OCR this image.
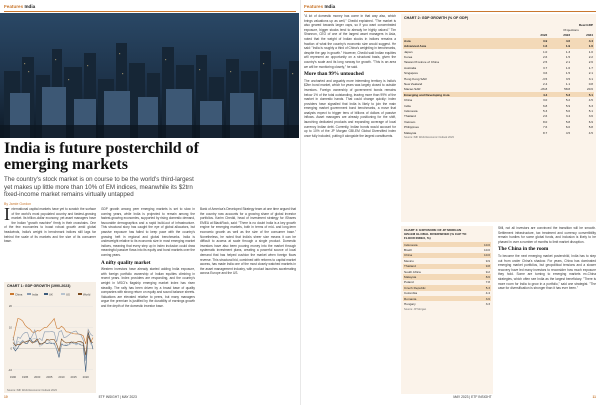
Features India	Features India
India is future posterchild of
emerging markets
The country's stock market is on course to be the world's third-largest
yet makes up little more than 10% of EM indices, meanwhile its $2trn
fixed-income market remains virtually untapped
By Jamie Gordon
International capital markets have yet to scratch the surface of the world's most populated country and fastest-growing market. Its trillion-dollar economy, yet asset managers have the Indian "growth machine" firmly in their crosshairs. One of the few economies to boast robust growth amid global headwinds, India's weight in benchmark indices still lags far behind the scale of its markets and the size of its consumer base.
CHART 1: GDP GROWTH (1990-2023)
China	India	UK	US	World
-10
0
10
20
1990 1995 2000 2005 2010 2015 2020
Source: IMF World Economic Outlook 2023
GDP growth among peer emerging markets is set to slow in coming years, while India is projected to remain among the fastest-growing economies, supported by rising domestic demand, favourable demographics and a rapid build-out of infrastructure. This structural story has caught the eye of global allocators, but passive exposure has failed to keep pace with the country's growing heft in regional and global benchmarks. India is underweight relative to its economic size in most emerging market indices, meaning that every step up in index inclusion could draw meaningful passive flows into its equity and bond markets over the coming years.
A nifty quality market
Western investors have already started adding India exposure, with foreign portfolio ownership of Indian equities climbing in recent years. Index providers are responding, and the country's weight in MSCI's flagship emerging market index has risen steadily. The rally has been driven by a broad base of quality companies with strong return on equity and sound balance sheets. Valuations are elevated relative to peers, but many managers argue the premium is justified by the durability of earnings growth and the depth of the domestic investor base.
Bank of America's Developed Strategy team at one time argued that the country now accounts for a growing share of global investor portfolios. Karim Chedid, head of investment strategy for iShares EMEA at BlackRock, said: "There is no doubt India is a key growth engine for emerging markets, both in terms of mid- and long-term economic growth as well as the size of the consumer base." Nonetheless, he noted that India's sheer size means it can be difficult to access at scale through a single product. Domestic investors have also been pouring money into the market through systematic investment plans, creating a powerful source of local demand that has helped cushion the market when foreign flows reverse. This structural bid, combined with reforms to capital market access, has made India one of the most closely watched markets in the asset management industry, with product launches accelerating across Europe and the US.
"A lot of domestic money has come in that way also, which brings valuations up as well," Chedid explained. "The market is also geared towards larger caps, so if you want concentrated exposure, bigger stocks tend to already be highly valued." Tim Shannon, CEO of one of the largest asset managers in Asia, noted that the weight of Indian stocks in indices remains a fraction of what the country's economic size would suggest. He said: "India is roughly a third of China's weighting in benchmarks, despite the gap in growth." However, Chedid said Indian equities will represent an opportunity on a structural basis, given the country's scale and its long runway for growth. "This is an area we will be monitoring closely," he said.
More than 99% untouched
The uncharted and arguably more interesting territory is India's $2trn bond market, which for years was largely closed to outside investors. Foreign ownership of government bonds remains below 1% of the total outstanding, leaving more than 99% of the market in domestic hands. That could change quickly: index providers have signalled that India is likely to join the main emerging market government bond benchmarks, a move that analysts expect to trigger tens of billions of dollars of passive inflows. Asset managers are already positioning for the shift, launching dedicated products and expanding coverage of local currency Indian debt. Currently, Indian bonds would account for up to 10% of the JP Morgan GBI-EM Global Diversified index once fully included, putting it alongside the largest constituents.
CHART 2: GDP GROWTH (% OF GDP)
	Real GDP		
		Projections	
	2022	2023	2024
Asia	3.9	4.6	4.4
Advanced Asia	1.6	1.9	1.6
Japan	1.0	1.3	1.0
Korea	2.6	1.5	2.2
Taiwan Province of China	2.5	2.1	2.6
Australia	3.7	1.6	1.7
Singapore	3.6	1.5	2.1
Hong Kong SAR	-3.5	3.5	3.1
New Zealand	2.4	1.1	0.8
Macao SAR	-26.8	58.8	20.6
Emerging and Developing Asia	4.4	5.3	5.1
China	3.0	5.2	4.5
India	6.8	5.9	6.3
Indonesia	5.3	5.0	5.1
Thailand	2.6	3.4	3.6
Vietnam	8.0	5.8	6.9
Philippines	7.6	6.0	5.8
Malaysia	8.7	4.5	4.5
Source: IMF World Economic Outlook 2023
CHART 3: EXPOSURE OF JP MORGAN
GBI-EM GLOBAL DIVERSIFIED (% CAP TO
FLOOR INDEX, %)
Indonesia	10.0
Brazil	10.0
China	10.0
Mexico	9.9
Thailand	9.8
South Africa	9.2
Malaysia	8.6
Poland	7.8
Czech Republic	5.3
Colombia	4.4
Romania	3.6
Hungary	3.3
Source: JP Morgan
Still, not all investors are convinced the transition will be smooth. Settlement infrastructure, tax treatment and currency convertibility remain hurdles for some global funds, and inclusion is likely to be phased in over a number of months to limit market disruption.
The China in the room
To become the next emerging market posterchild, India has to step out from under China's shadow. For years, China has dominated emerging market portfolios, but geopolitical tensions and a slower recovery have led many investors to reconsider how much exposure they hold. Some are turning to emerging markets ex-China strategies, which often see India as the largest beneficiary. "There is more room for India to grow in a portfolio," said one strategist. "The case for diversification is stronger than it has ever been."
10	ETF INSIGHT | MAY 2023	MAY 2023 | ETF INSIGHT	11
